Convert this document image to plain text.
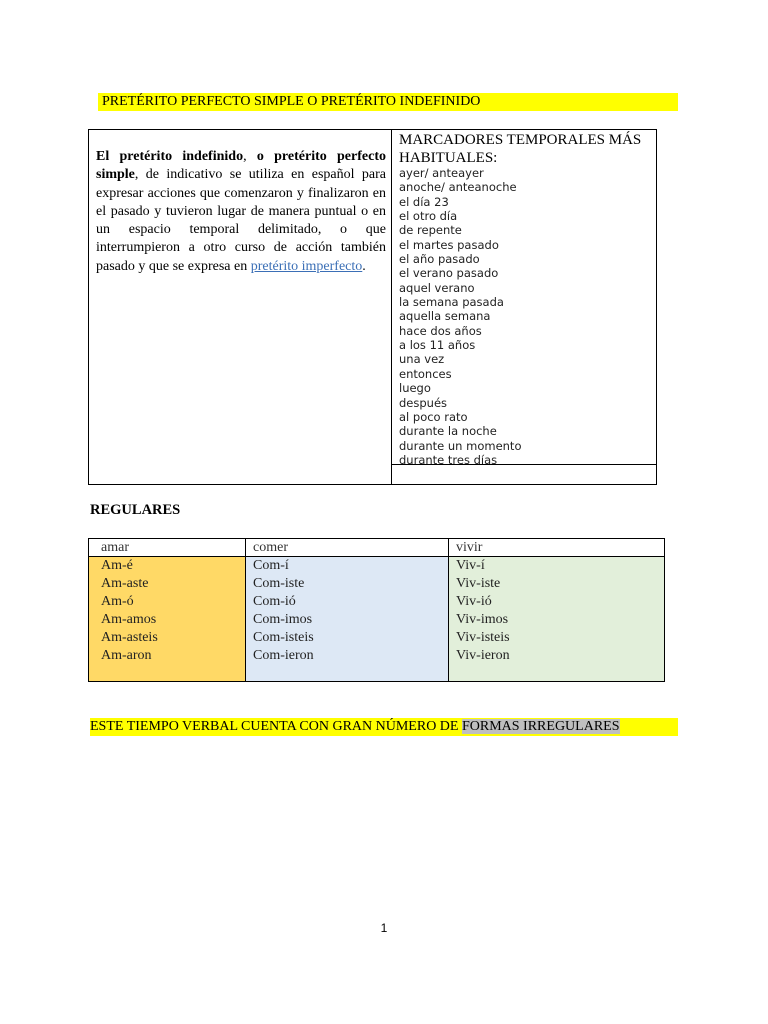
PRETÉRITO PERFECTO SIMPLE O PRETÉRITO INDEFINIDO

El pretérito indefinido, o pretérito perfecto simple, de indicativo se utiliza en español para expresar acciones que comenzaron y finalizaron en el pasado y tuvieron lugar de manera puntual o en un espacio temporal delimitado, o que interrumpieron a otro curso de acción también pasado y que se expresa en pretérito imperfecto.

MARCADORES TEMPORALES MÁS HABITUALES:

ayer/ anteayer
anoche/ anteanoche
el día 23
el otro día
de repente
el martes pasado
el año pasado
el verano pasado
aquel verano
la semana pasada
aquella semana
hace dos años
a los 11 años
una vez
entonces
luego
después
al poco rato
durante la noche
durante un momento
durante tres días

REGULARES

amar
Am-é
Am-aste
Am-ó
Am-amos
Am-asteis
Am-aron
comer
Com-í
Com-iste
Com-ió
Com-imos
Com-isteis
Com-ieron
vivir
Viv-í
Viv-iste
Viv-ió
Viv-imos
Viv-isteis
Viv-ieron
ESTE TIEMPO VERBAL CUENTA CON GRAN NÚMERO DE FORMAS IRREGULARES
1
